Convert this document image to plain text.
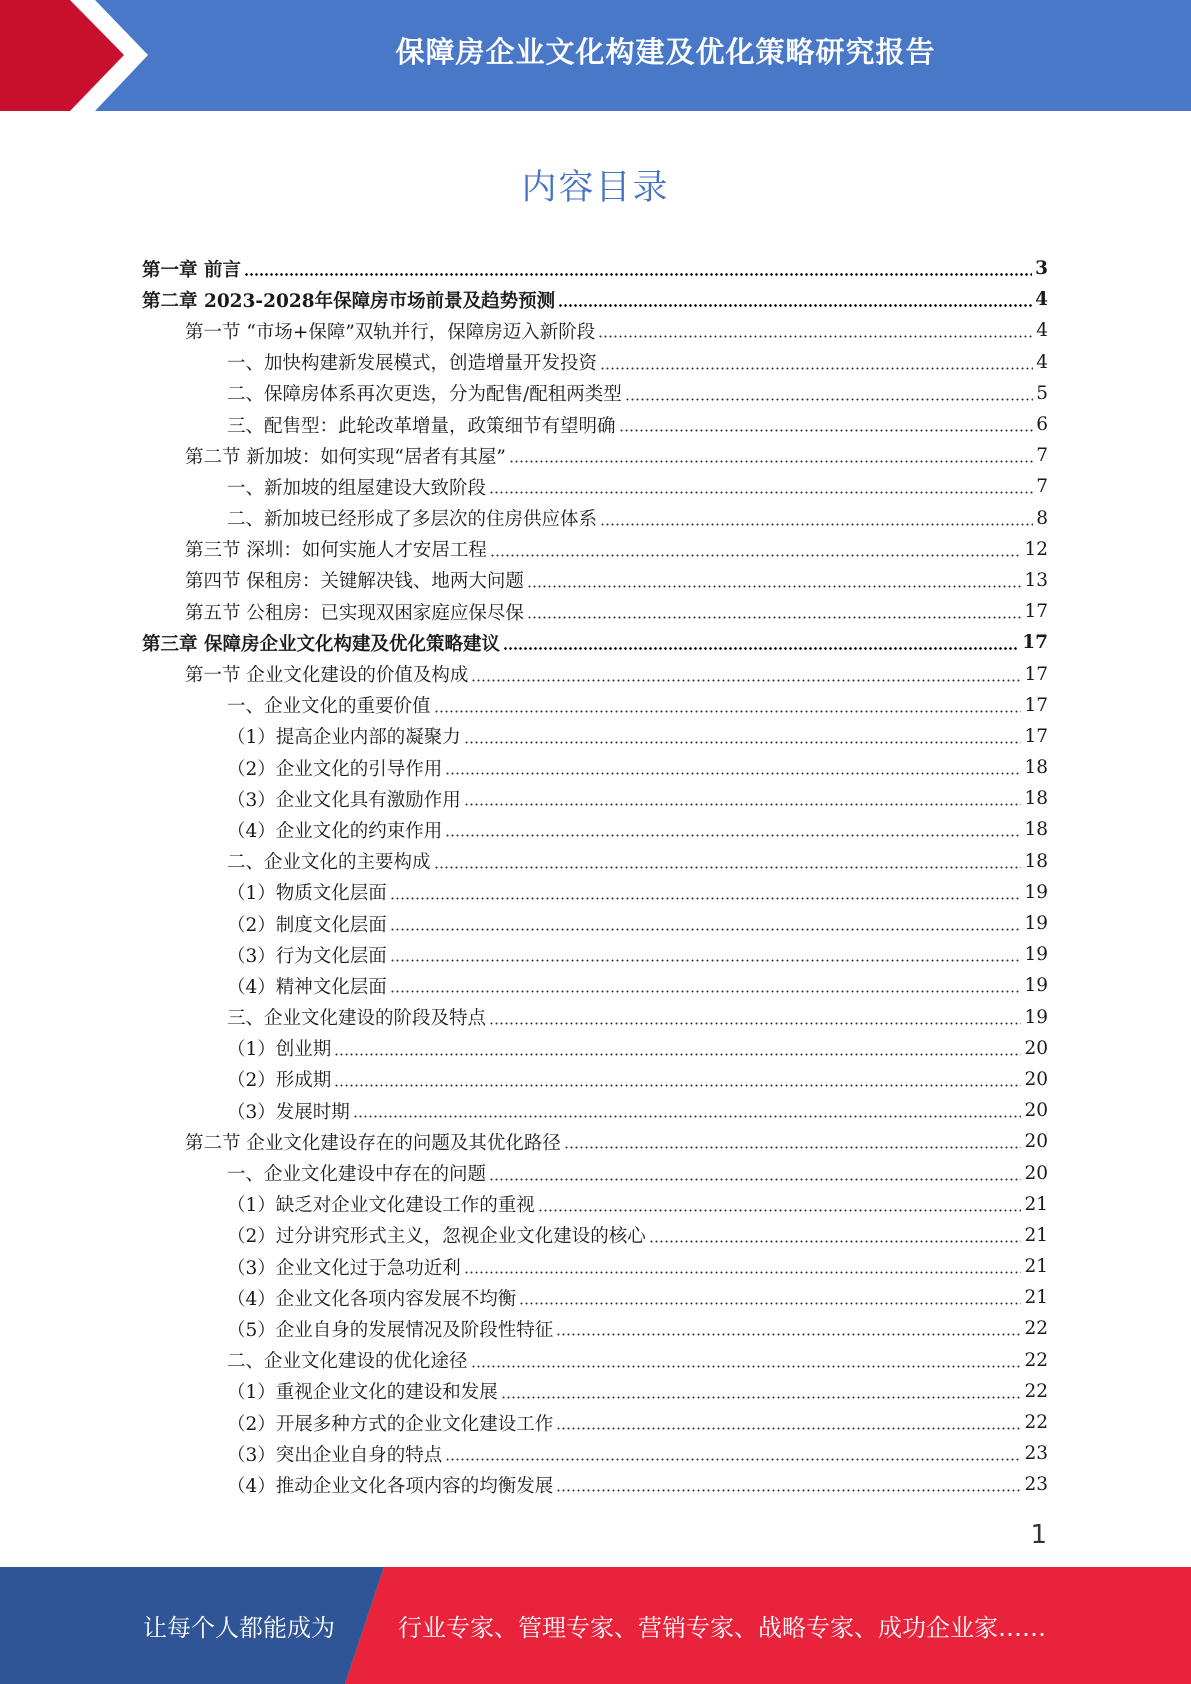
保障房企业文化构建及优化策略研究报告
内容目录
第一章 前言	3
第二章 2023-2028年保障房市场前景及趋势预测	4
第一节 “市场+保障”双轨并行，保障房迈入新阶段	4
一、加快构建新发展模式，创造增量开发投资	4
二、保障房体系再次更迭，分为配售/配租两类型	5
三、配售型：此轮改革增量，政策细节有望明确	6
第二节 新加坡：如何实现“居者有其屋”	7
一、新加坡的组屋建设大致阶段	7
二、新加坡已经形成了多层次的住房供应体系	8
第三节 深圳：如何实施人才安居工程	12
第四节 保租房：关键解决钱、地两大问题	13
第五节 公租房：已实现双困家庭应保尽保	17
第三章 保障房企业文化构建及优化策略建议	17
第一节 企业文化建设的价值及构成	17
一、企业文化的重要价值	17
（1）提高企业内部的凝聚力	17
（2）企业文化的引导作用	18
（3）企业文化具有激励作用	18
（4）企业文化的约束作用	18
二、企业文化的主要构成	18
（1）物质文化层面	19
（2）制度文化层面	19
（3）行为文化层面	19
（4）精神文化层面	19
三、企业文化建设的阶段及特点	19
（1）创业期	20
（2）形成期	20
（3）发展时期	20
第二节 企业文化建设存在的问题及其优化路径	20
一、企业文化建设中存在的问题	20
（1）缺乏对企业文化建设工作的重视	21
（2）过分讲究形式主义，忽视企业文化建设的核心	21
（3）企业文化过于急功近利	21
（4）企业文化各项内容发展不均衡	21
（5）企业自身的发展情况及阶段性特征	22
二、企业文化建设的优化途径	22
（1）重视企业文化的建设和发展	22
（2）开展多种方式的企业文化建设工作	22
（3）突出企业自身的特点	23
（4）推动企业文化各项内容的均衡发展	23
1
让每个人都能成为	行业专家、管理专家、营销专家、战略专家、成功企业家……
